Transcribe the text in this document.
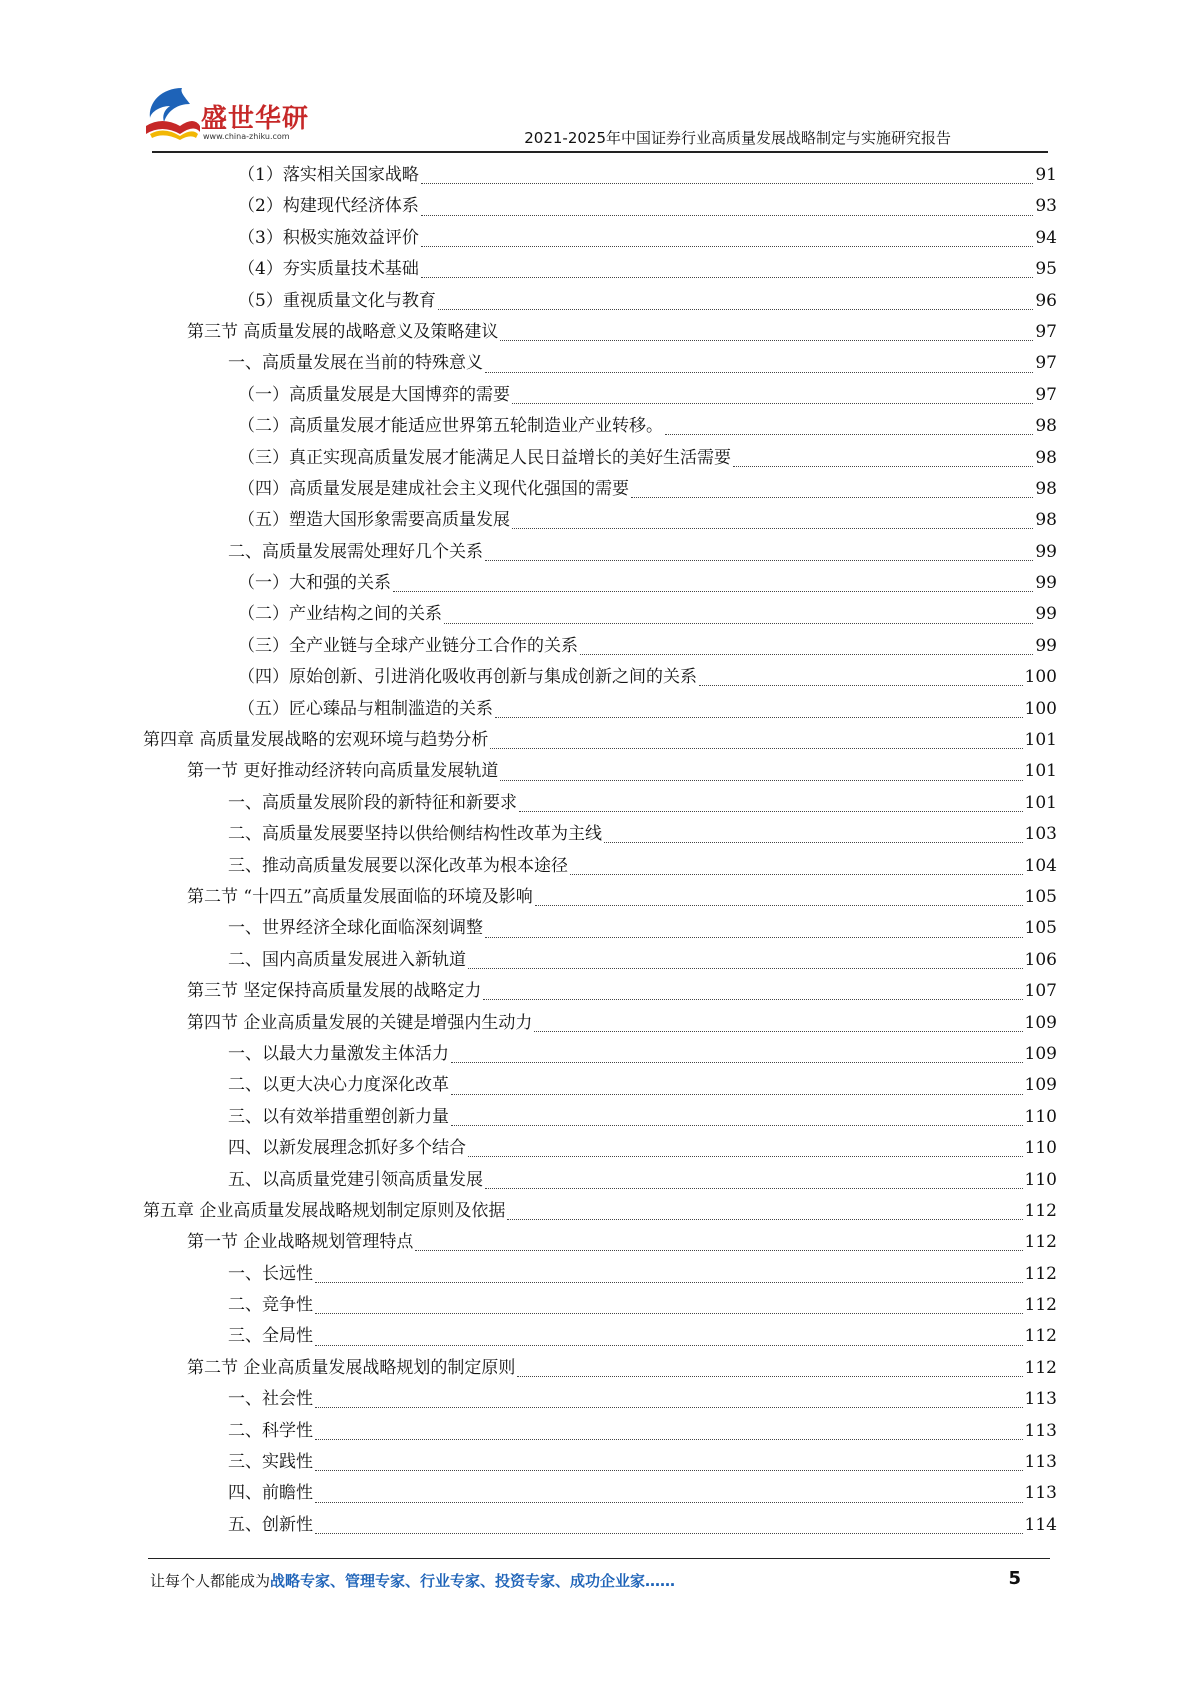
盛世华研
www.china-zhiku.com	2021-2025年中国证券行业高质量发展战略制定与实施研究报告
（1）落实相关国家战略	91
（2）构建现代经济体系	93
（3）积极实施效益评价	94
（4）夯实质量技术基础	95
（5）重视质量文化与教育	96
第三节 高质量发展的战略意义及策略建议	97
一、高质量发展在当前的特殊意义	97
（一）高质量发展是大国博弈的需要	97
（二）高质量发展才能适应世界第五轮制造业产业转移。	98
（三）真正实现高质量发展才能满足人民日益增长的美好生活需要	98
（四）高质量发展是建成社会主义现代化强国的需要	98
（五）塑造大国形象需要高质量发展	98
二、高质量发展需处理好几个关系	99
（一）大和强的关系	99
（二）产业结构之间的关系	99
（三）全产业链与全球产业链分工合作的关系	99
（四）原始创新、引进消化吸收再创新与集成创新之间的关系	100
（五）匠心臻品与粗制滥造的关系	100
第四章 高质量发展战略的宏观环境与趋势分析	101
第一节 更好推动经济转向高质量发展轨道	101
一、高质量发展阶段的新特征和新要求	101
二、高质量发展要坚持以供给侧结构性改革为主线	103
三、推动高质量发展要以深化改革为根本途径	104
第二节 “十四五”高质量发展面临的环境及影响	105
一、世界经济全球化面临深刻调整	105
二、国内高质量发展进入新轨道	106
第三节 坚定保持高质量发展的战略定力	107
第四节 企业高质量发展的关键是增强内生动力	109
一、以最大力量激发主体活力	109
二、以更大决心力度深化改革	109
三、以有效举措重塑创新力量	110
四、以新发展理念抓好多个结合	110
五、以高质量党建引领高质量发展	110
第五章 企业高质量发展战略规划制定原则及依据	112
第一节 企业战略规划管理特点	112
一、长远性	112
二、竞争性	112
三、全局性	112
第二节 企业高质量发展战略规划的制定原则	112
一、社会性	113
二、科学性	113
三、实践性	113
四、前瞻性	113
五、创新性	114
让每个人都能成为战略专家、管理专家、行业专家、投资专家、成功企业家……	5
